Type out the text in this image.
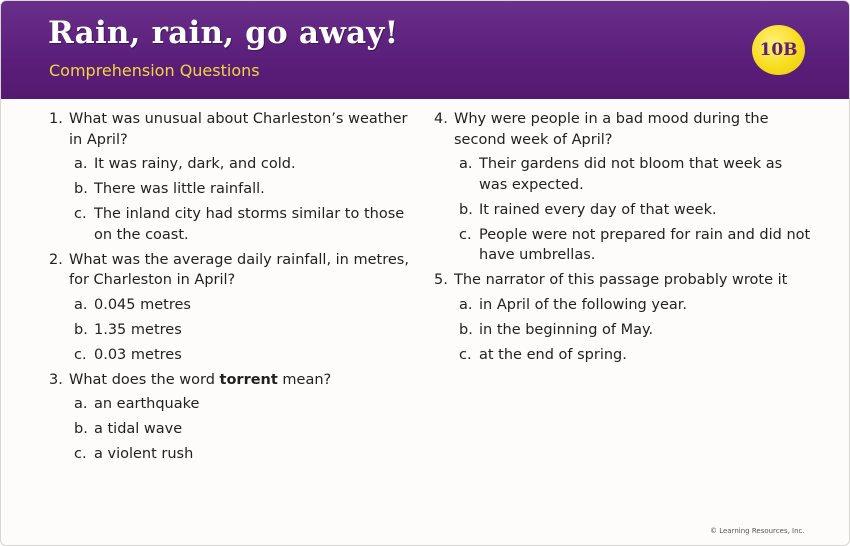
Rain, rain, go away!
Comprehension Questions
10B
1. What was unusual about Charleston’s weather in April?
a. It was rainy, dark, and cold.
b. There was little rainfall.
c. The inland city had storms similar to those on the coast.
2. What was the average daily rainfall, in metres, for Charleston in April?
a. 0.045 metres
b. 1.35 metres
c. 0.03 metres
3. What does the word torrent mean?
a. an earthquake
b. a tidal wave
c. a violent rush
4. Why were people in a bad mood during the second week of April?
a. Their gardens did not bloom that week as was expected.
b. It rained every day of that week.
c. People were not prepared for rain and did not have umbrellas.
5. The narrator of this passage probably wrote it
a. in April of the following year.
b. in the beginning of May.
c. at the end of spring.
© Learning Resources, Inc.
